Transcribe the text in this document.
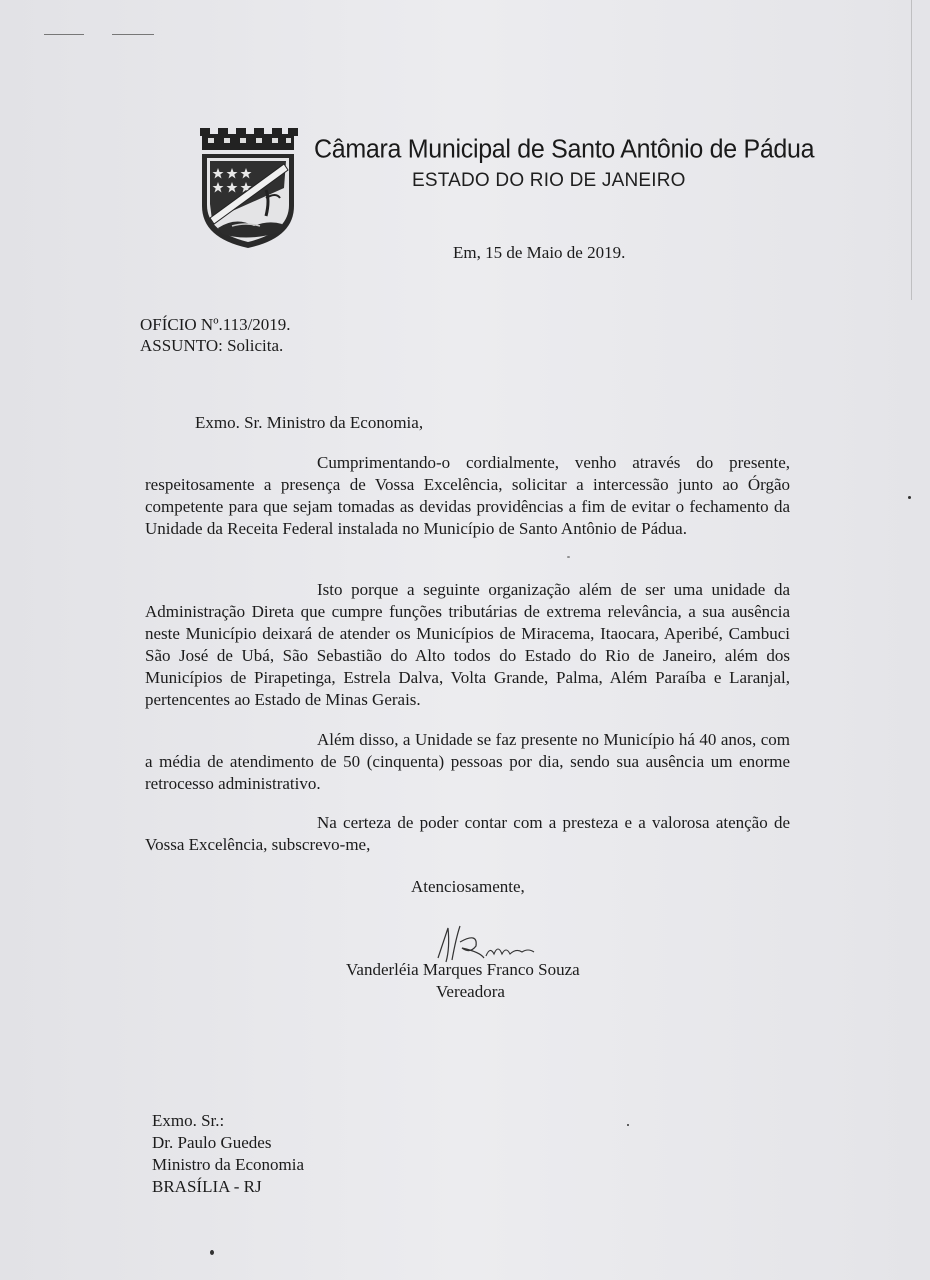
Câmara Municipal de Santo Antônio de Pádua
ESTADO DO RIO DE JANEIRO
Em, 15 de Maio de 2019.
OFÍCIO Nº.113/2019.
ASSUNTO: Solicita.
Exmo. Sr. Ministro da Economia,
Cumprimentando-o cordialmente, venho através do presente, respeitosamente a presença de Vossa Excelência, solicitar a intercessão junto ao Órgão competente para que sejam tomadas as devidas providências a fim de evitar o fechamento da Unidade da Receita Federal instalada no Município de Santo Antônio de Pádua.
Isto porque a seguinte organização além de ser uma unidade da Administração Direta que cumpre funções tributárias de extrema relevância, a sua ausência neste Município deixará de atender os Municípios de Miracema, Itaocara, Aperibé, Cambuci São José de Ubá, São Sebastião do Alto todos do Estado do Rio de Janeiro, além dos Municípios de Pirapetinga, Estrela Dalva, Volta Grande, Palma, Além Paraíba e Laranjal, pertencentes ao Estado de Minas Gerais.
Além disso, a Unidade se faz presente no Município há 40 anos, com a média de atendimento de 50 (cinquenta) pessoas por dia, sendo sua ausência um enorme retrocesso administrativo.
Na certeza de poder contar com a presteza e a valorosa atenção de Vossa Excelência, subscrevo-me,
Atenciosamente,
Vanderléia Marques Franco Souza
Vereadora
Exmo. Sr.:
Dr. Paulo Guedes
Ministro da Economia
BRASÍLIA - RJ
